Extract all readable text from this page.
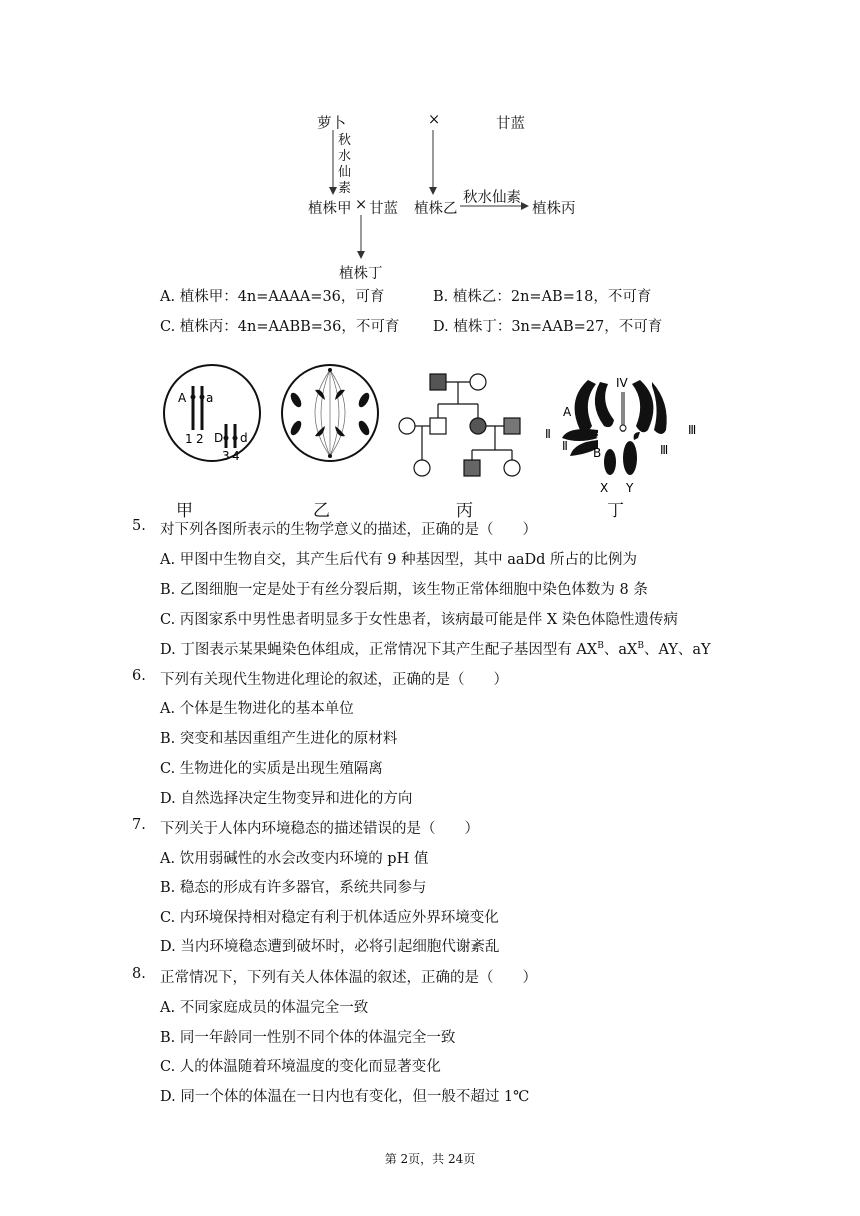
萝卜	×	甘蓝
秋
水
仙
素
植株甲 × 甘蓝 植株乙
秋水仙素
植株丙
植株丁
A. 植株甲：4n=AAAA=36，可育	B. 植株乙：2n=AB=18，不可育
C. 植株丙：4n=AABB=36，不可育 D. 植株丁：3n=AAB=27，不可育
A a
1 2 D d
3 4
IV
A
Ⅱ
Ⅱ
a
B
Ⅲ
Ⅲ
X Y
甲	乙	丙	丁
5. 对下列各图所表示的生物学意义的描述，正确的是（　　）
A. 甲图中生物自交，其产生后代有 9 种基因型，其中 aaDd 所占的比例为
B. 乙图细胞一定是处于有丝分裂后期，该生物正常体细胞中染色体数为 8 条
C. 丙图家系中男性患者明显多于女性患者，该病最可能是伴 X 染色体隐性遗传病
D. 丁图表示某果蝇染色体组成，正常情况下其产生配子基因型有 $AX^B$、$aX^B$、AY、aY
6. 下列有关现代生物进化理论的叙述，正确的是（　　）
A. 个体是生物进化的基本单位
B. 突变和基因重组产生进化的原材料
C. 生物进化的实质是出现生殖隔离
D. 自然选择决定生物变异和进化的方向
7. 下列关于人体内环境稳态的描述错误的是（　　）
A. 饮用弱碱性的水会改变内环境的 pH 值
B. 稳态的形成有许多器官，系统共同参与
C. 内环境保持相对稳定有利于机体适应外界环境变化
D. 当内环境稳态遭到破坏时，必将引起细胞代谢紊乱
8. 正常情况下，下列有关人体体温的叙述，正确的是（　　）
A. 不同家庭成员的体温完全一致
B. 同一年龄同一性别不同个体的体温完全一致
C. 人的体温随着环境温度的变化而显著变化
D. 同一个体的体温在一日内也有变化，但一般不超过 1℃
第 2页，共 24页
